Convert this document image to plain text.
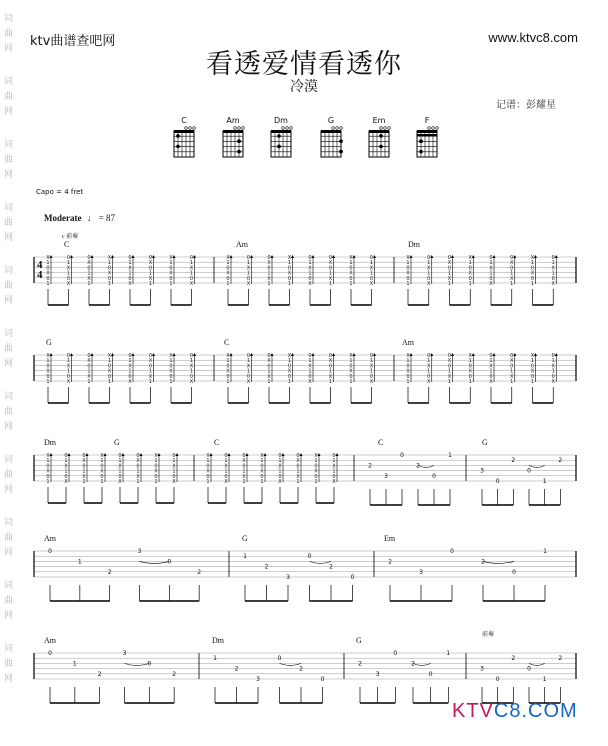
词
曲
网
词
曲
网
词
曲
网
词
曲
网
词
曲
网
词
曲
网
词
曲
网
词
曲
网
词
曲
网
词
曲
网
词
曲
网
ktv曲谱查吧网	www.ktvc8.com
看透爱情看透你
冷漠
记谱：彭耀星
C	Am	Dm	G	Em	F
Capo = 4 fret
Moderate ♩ = 87
C	Am	Dm
X
1
0
X
0
1
0
1
X
1
0
X
0
X
0
1
X
1
X
1
0
X
0
1
0
1
X
1
0
X
0
X
0
1
X
1
X
1
0
X
0
1
0
1
X
1
0
X
X
1
0
X
0
1
0
1
X
1
0
X
0
X
0
1
X
1
X
1
0
X
0
1
0
1
X
1
0
X
0
X
0
1
X
1
X
1
0
X
0
1
0
1
X
1
0
X
X
1
0
X
0
1
0
1
X
1
0
X
0
X
0
1
X
1
X
1
0
X
0
1
0
1
X
1
0
X
0
X
0
1
X
1
X
1
0
X
0
1
0
1
X
1
0
X
4
4
c 前奏
G	C	Am
X
1
0
X
0
1
0
1
X
1
0
X
0
X
0
1
X
1
X
1
0
X
0
1
0
1
X
1
0
X
0
X
0
1
X
1
X
1
0
X
0
1
0
1
X
1
0
X
X
1
0
X
0
1
0
1
X
1
0
X
0
X
0
1
X
1
X
1
0
X
0
1
0
1
X
1
0
X
0
X
0
1
X
1
X
1
0
X
0
1
0
1
X
1
0
X
X
1
0
X
0
1
0
1
X
1
0
X
0
X
0
1
X
1
X
1
0
X
0
1
0
1
X
1
0
X
0
X
0
1
X
1
X
1
0
X
0
1
0
1
X
1
0
X
Dm	G	C	C	G
X
1
0
X
0
1
0
1
X
1
0
X
0
X
0
1
X
1
X
1
0
X
0
1
0
1
X
1
0
X
0
X
0
1
X
1
X
1
0
X
0
1
0
1
X
1
0
X
X
1
0
X
0
1
0
1
X
1
0
X
0
X
0
1
X
1
X
1
0
X
0
1
0
1
X
1
0
X
0
X
0
1
X
1
X
1
0
X
0
1
0
1
X
1
0
X
2
3
0
2
0
1
3
0
2
0
1
2
Am	G	Em
0
1
2
3
0
2
1
2
3
0
2
0
2
3
0
2
0
1
Am	Dm	G
0
1
2
3
0
2
1
2
3
0
2
0
2
3
0
2
0
1
3
0
2
0
1
2
前奏
KTVC8.COM
